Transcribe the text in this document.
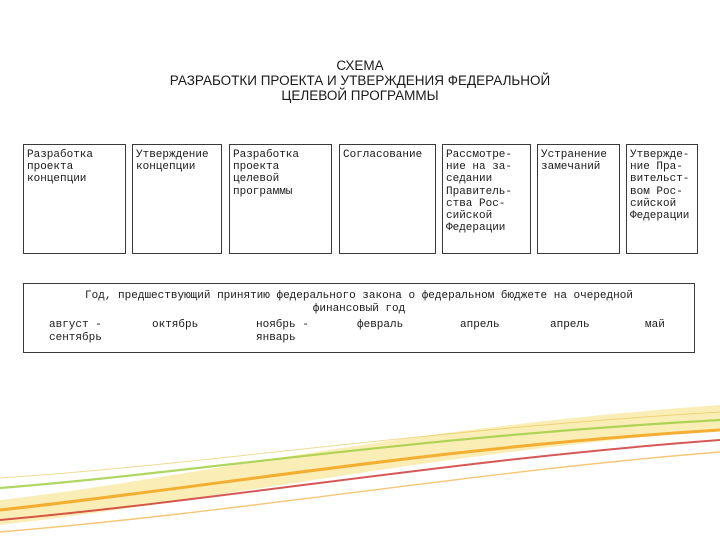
СХЕМА
РАЗРАБОТКИ ПРОЕКТА И УТВЕРЖДЕНИЯ ФЕДЕРАЛЬНОЙ
ЦЕЛЕВОЙ ПРОГРАММЫ
Разработка
проекта
концепции
Утверждение
концепции
Разработка
проекта
целевой
программы
Согласование	Рассмотре-
ние на за-
седании
Правитель-
ства Рос-
сийской
Федерации
Устранение
замечаний
Утвержде-
ние Пра-
вительст-
вом Рос-
сийской
Федерации
Год, предшествующий принятию федерального закона о федеральном бюджете на очередной
финансовый год
август -
сентябрь
октябрь	ноябрь -
январь
февраль	апрель	апрель	май
